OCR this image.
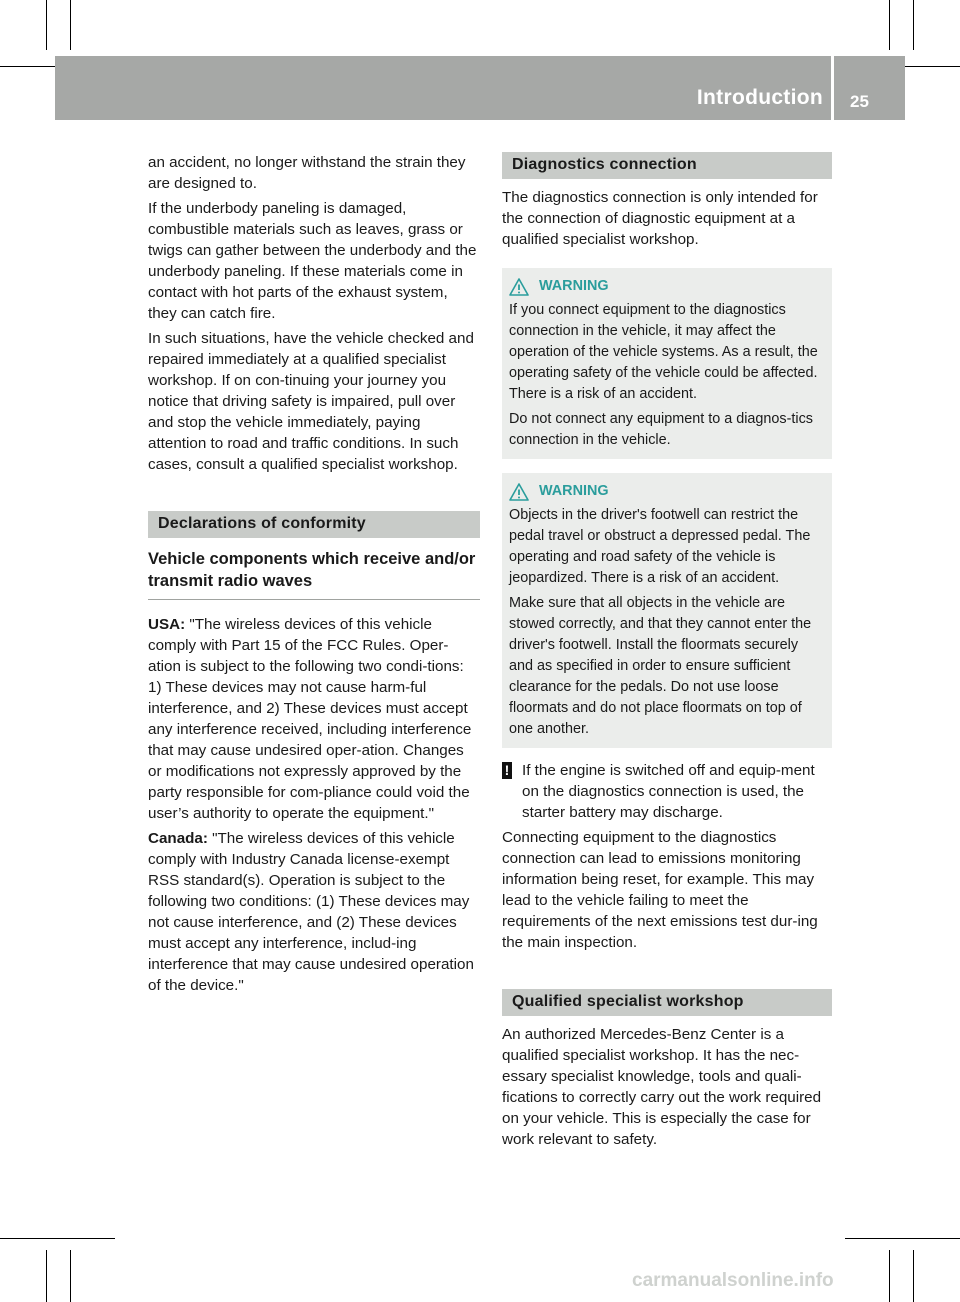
Introduction 25

an accident, no longer withstand the strain they are designed to.

If the underbody paneling is damaged, combustible materials such as leaves, grass or twigs can gather between the underbody and the underbody paneling. If these materials come in contact with hot parts of the exhaust system, they can catch fire.

In such situations, have the vehicle checked and repaired immediately at a qualified specialist workshop. If on con-tinuing your journey you notice that driving safety is impaired, pull over and stop the vehicle immediately, paying attention to road and traffic conditions. In such cases, consult a qualified specialist workshop.

Declarations of conformity
Vehicle components which receive and/or transmit radio waves

USA: "The wireless devices of this vehicle comply with Part 15 of the FCC Rules. Oper-ation is subject to the following two condi-tions: 1) These devices may not cause harm-ful interference, and 2) These devices must accept any interference received, including interference that may cause undesired oper-ation. Changes or modifications not expressly approved by the party responsible for com-pliance could void the user’s authority to operate the equipment."

Canada: "The wireless devices of this vehicle comply with Industry Canada license-exempt RSS standard(s). Operation is subject to the following two conditions: (1) These devices may not cause interference, and (2) These devices must accept any interference, includ-ing interference that may cause undesired operation of the device."

Diagnostics connection

The diagnostics connection is only intended for the connection of diagnostic equipment at a qualified specialist workshop.

WARNING

If you connect equipment to the diagnostics connection in the vehicle, it may affect the operation of the vehicle systems. As a result, the operating safety of the vehicle could be affected. There is a risk of an accident.

Do not connect any equipment to a diagnos-tics connection in the vehicle.

WARNING

Objects in the driver's footwell can restrict the pedal travel or obstruct a depressed pedal. The operating and road safety of the vehicle is jeopardized. There is a risk of an accident.

Make sure that all objects in the vehicle are stowed correctly, and that they cannot enter the driver's footwell. Install the floormats securely and as specified in order to ensure sufficient clearance for the pedals. Do not use loose floormats and do not place floormats on top of one another.

! If the engine is switched off and equip-ment on the diagnostics connection is used, the starter battery may discharge.

Connecting equipment to the diagnostics connection can lead to emissions monitoring information being reset, for example. This may lead to the vehicle failing to meet the requirements of the next emissions test dur-ing the main inspection.

Qualified specialist workshop

An authorized Mercedes-Benz Center is a qualified specialist workshop. It has the nec-essary specialist knowledge, tools and quali-fications to correctly carry out the work required on your vehicle. This is especially the case for work relevant to safety.

carmanualsonline.info
